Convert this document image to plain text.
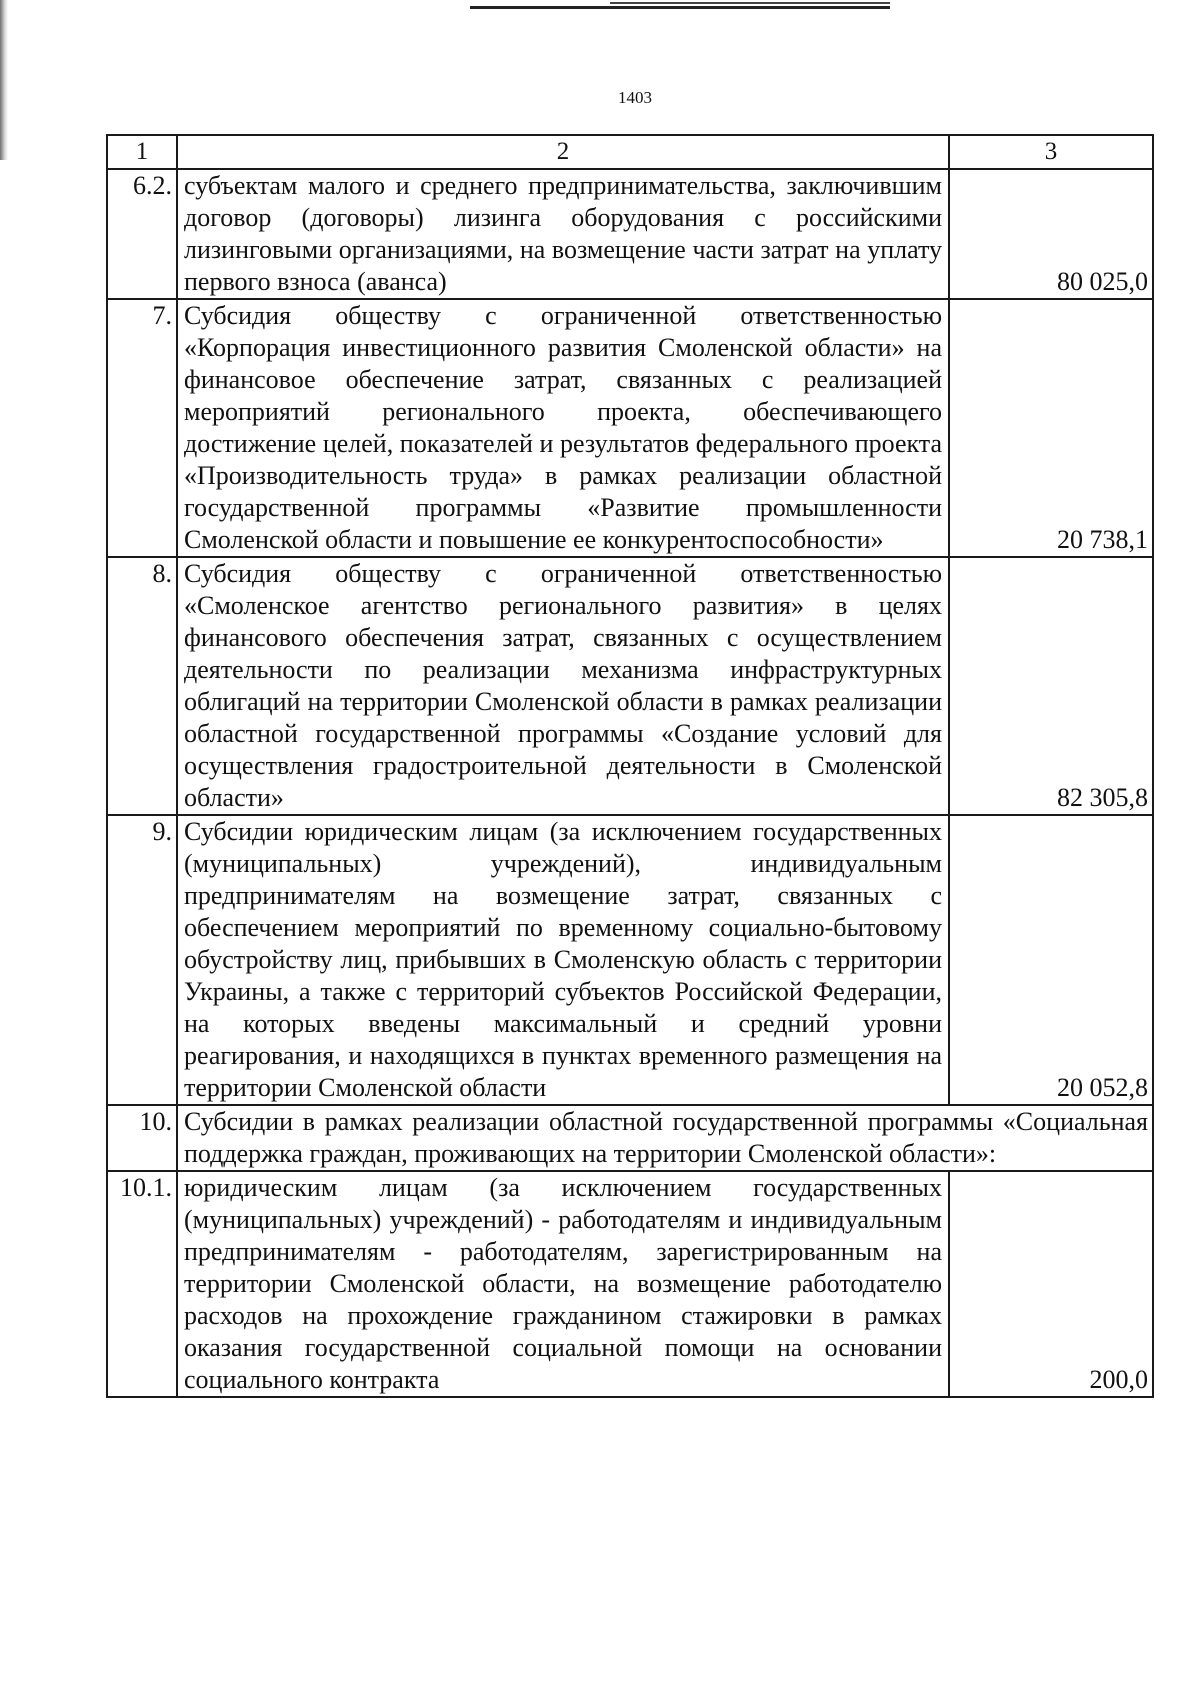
1403
1	2	3
6.2.	субъектам малого и среднего предпринимательства, заключившим договор (договоры) лизинга оборудования с российскими лизинговыми организациями, на возмещение части затрат на уплату первого взноса (аванса)	80 025,0
7.	Субсидия обществу с ограниченной ответственностью «Корпорация инвестиционного развития Смоленской области» на финансовое обеспечение затрат, связанных с реализацией мероприятий регионального проекта, обеспечивающего достижение целей, показателей и результатов федерального проекта «Производительность труда» в рамках реализации областной государственной программы «Развитие промышленности Смоленской области и повышение ее конкурентоспособности»	20 738,1
8.	Субсидия обществу с ограниченной ответственностью «Смоленское агентство регионального развития» в целях финансового обеспечения затрат, связанных с осуществлением деятельности по реализации механизма инфраструктурных облигаций на территории Смоленской области в рамках реализации областной государственной программы «Создание условий для осуществления градостроительной деятельности в Смоленской области»	82 305,8
9.	Субсидии юридическим лицам (за исключением государственных (муниципальных) учреждений), индивидуальным предпринимателям на возмещение затрат, связанных с обеспечением мероприятий по временному социально-бытовому обустройству лиц, прибывших в Смоленскую область с территории Украины, а также с территорий субъектов Российской Федерации, на которых введены максимальный и средний уровни реагирования, и находящихся в пунктах временного размещения на территории Смоленской области	20 052,8
10.	Субсидии в рамках реализации областной государственной программы «Социальная поддержка граждан, проживающих на территории Смоленской области»:	

10.1.	юридическим лицам (за исключением государственных (муниципальных) учреждений) - работодателям и индивидуальным предпринимателям - работодателям, зарегистрированным на территории Смоленской области, на возмещение работодателю расходов на прохождение гражданином стажировки в рамках оказания государственной социальной помощи на основании социального контракта	200,0
